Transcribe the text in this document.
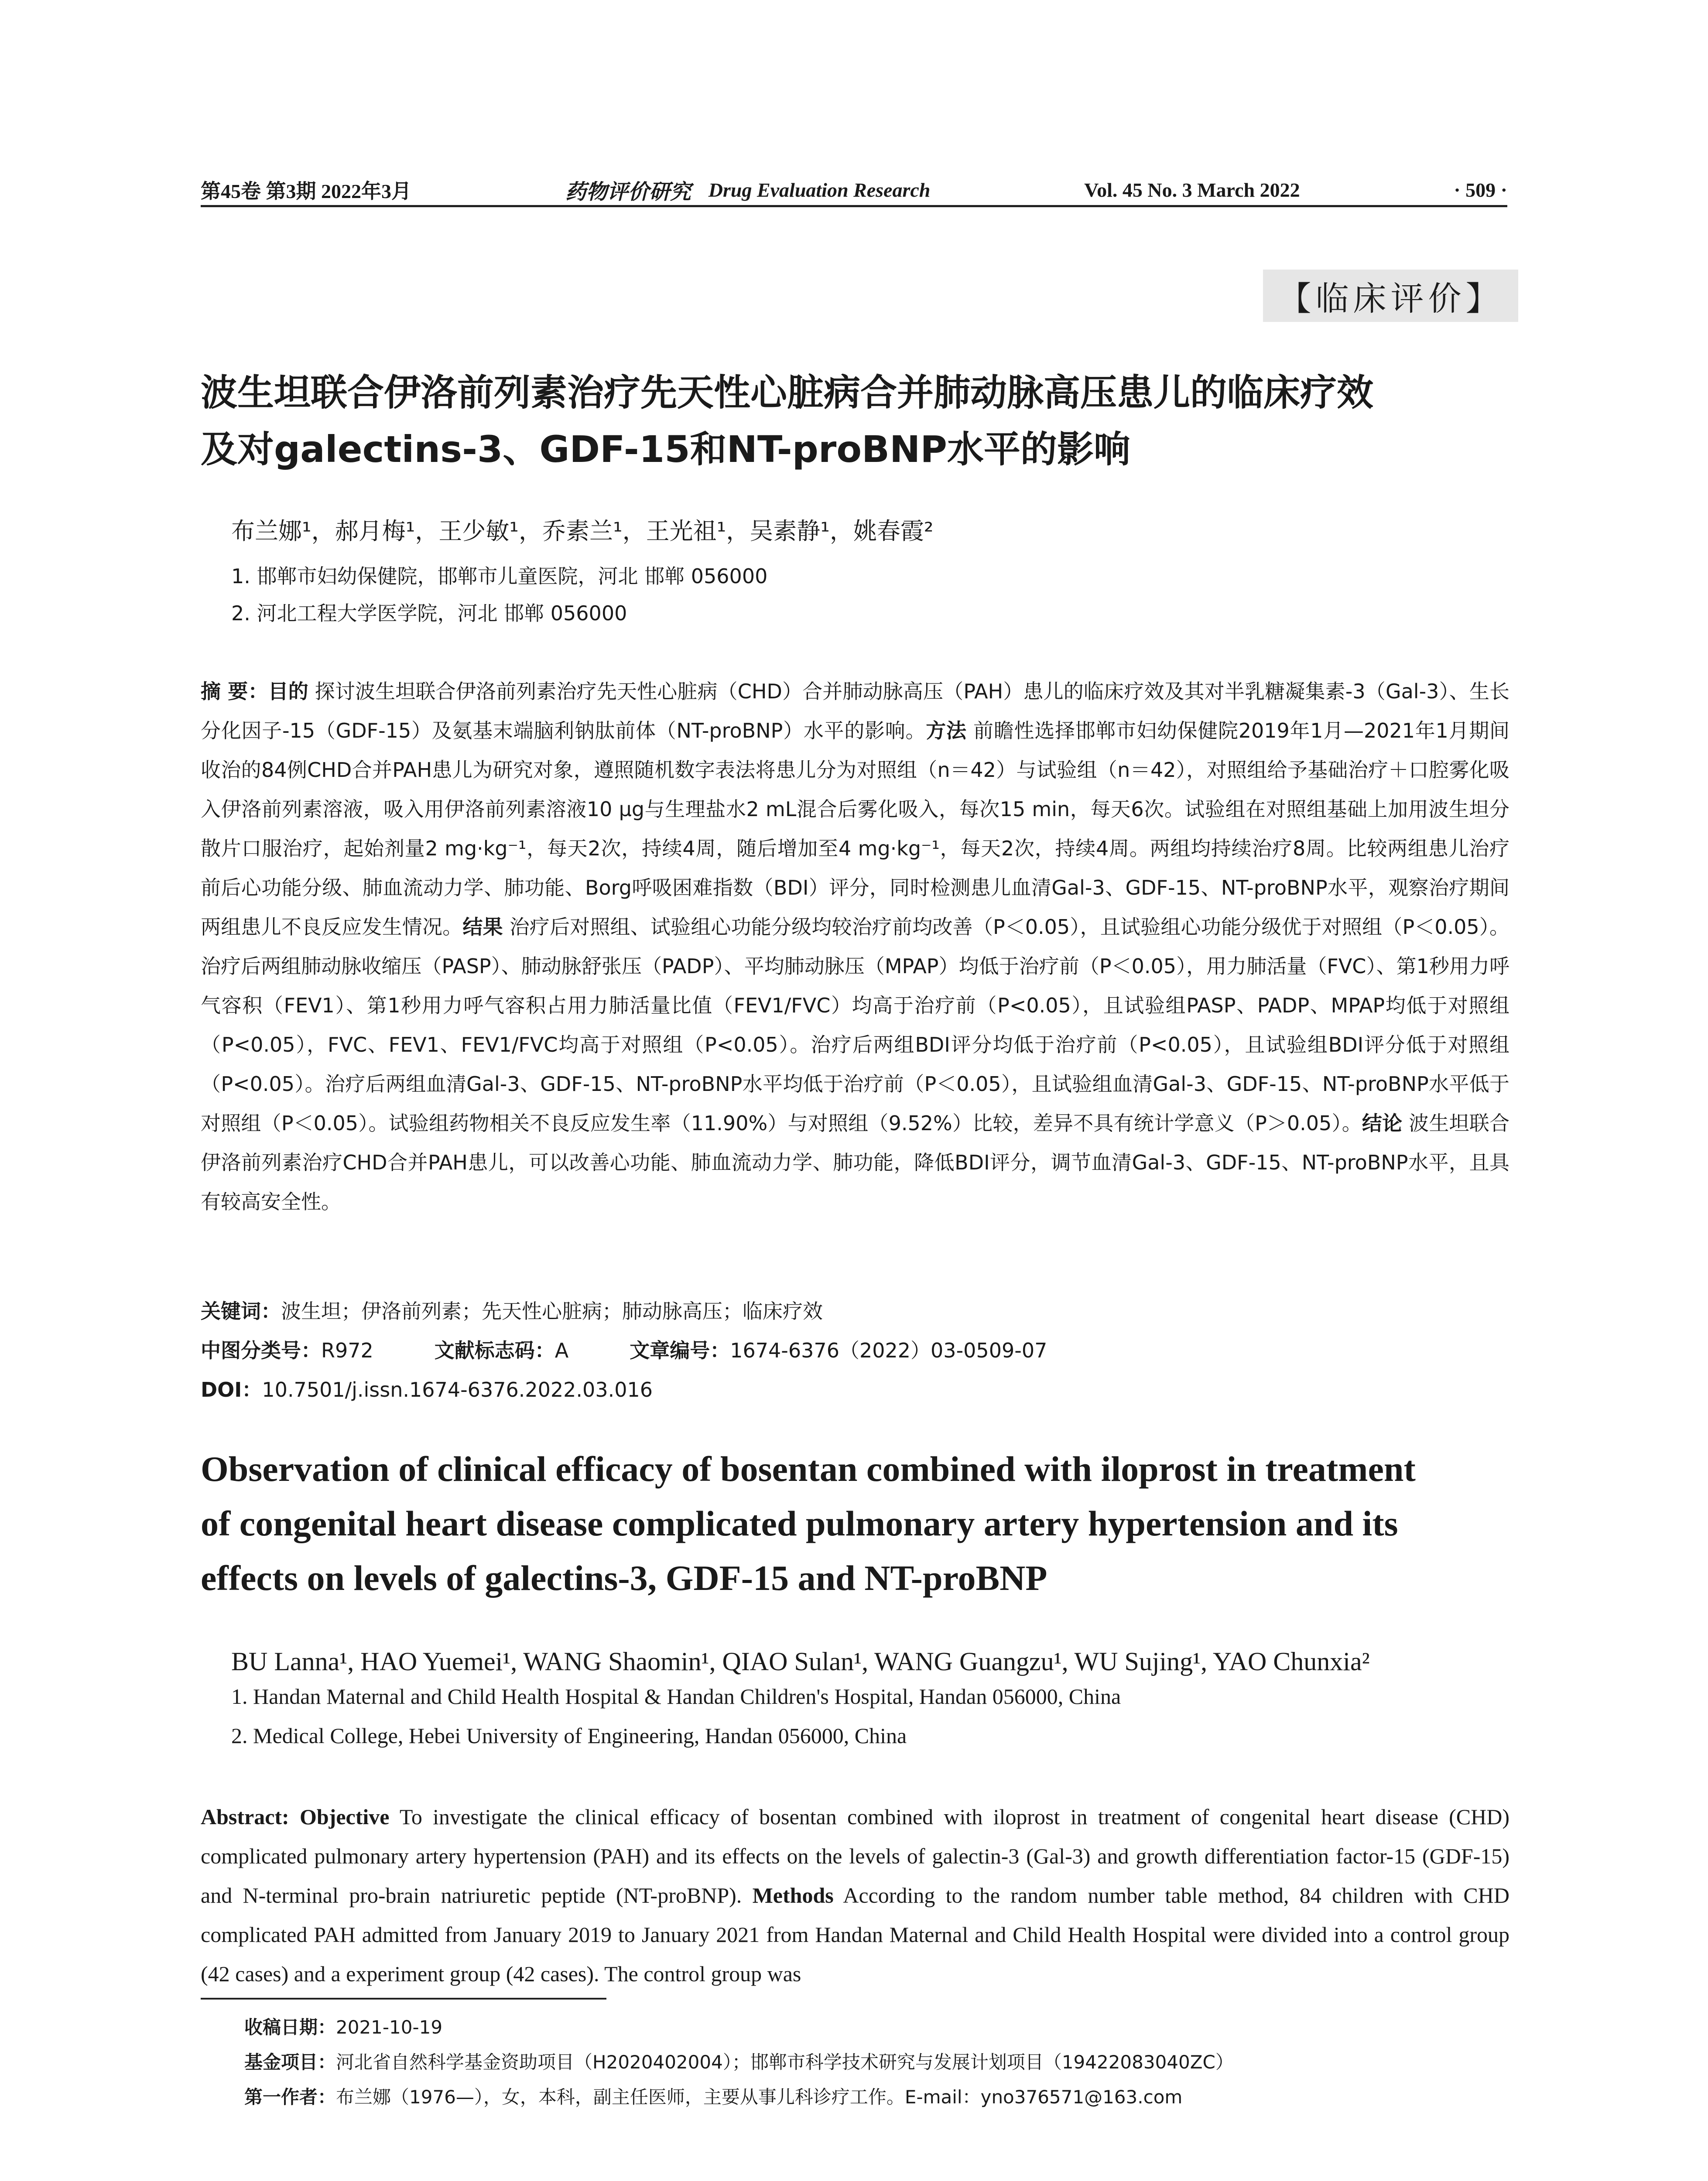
第45卷 第3期 2022年3月	药物评价研究 Drug Evaluation Research	Vol. 45 No. 3 March 2022	· 509 ·
【临床评价】
波生坦联合伊洛前列素治疗先天性心脏病合并肺动脉高压患儿的临床疗效
及对galectins-3、GDF-15和NT-proBNP水平的影响
布兰娜¹，郝月梅¹，王少敏¹，乔素兰¹，王光祖¹，吴素静¹，姚春霞²
1. 邯郸市妇幼保健院，邯郸市儿童医院，河北 邯郸 056000
2. 河北工程大学医学院，河北 邯郸 056000
摘 要：目的 探讨波生坦联合伊洛前列素治疗先天性心脏病（CHD）合并肺动脉高压（PAH）患儿的临床疗效及其对半乳糖凝集素-3（Gal-3）、生长分化因子-15（GDF-15）及氨基末端脑利钠肽前体（NT-proBNP）水平的影响。方法 前瞻性选择邯郸市妇幼保健院2019年1月—2021年1月期间收治的84例CHD合并PAH患儿为研究对象，遵照随机数字表法将患儿分为对照组（n＝42）与试验组（n＝42），对照组给予基础治疗＋口腔雾化吸入伊洛前列素溶液，吸入用伊洛前列素溶液10 μg与生理盐水2 mL混合后雾化吸入，每次15 min，每天6次。试验组在对照组基础上加用波生坦分散片口服治疗，起始剂量2 mg·kg⁻¹，每天2次，持续4周，随后增加至4 mg·kg⁻¹，每天2次，持续4周。两组均持续治疗8周。比较两组患儿治疗前后心功能分级、肺血流动力学、肺功能、Borg呼吸困难指数（BDI）评分，同时检测患儿血清Gal-3、GDF-15、NT-proBNP水平，观察治疗期间两组患儿不良反应发生情况。结果 治疗后对照组、试验组心功能分级均较治疗前均改善（P＜0.05），且试验组心功能分级优于对照组（P＜0.05）。治疗后两组肺动脉收缩压（PASP）、肺动脉舒张压（PADP）、平均肺动脉压（MPAP）均低于治疗前（P＜0.05），用力肺活量（FVC）、第1秒用力呼气容积（FEV1）、第1秒用力呼气容积占用力肺活量比值（FEV1/FVC）均高于治疗前（P<0.05），且试验组PASP、PADP、MPAP均低于对照组（P<0.05），FVC、FEV1、FEV1/FVC均高于对照组（P<0.05）。治疗后两组BDI评分均低于治疗前（P<0.05），且试验组BDI评分低于对照组（P<0.05）。治疗后两组血清Gal-3、GDF-15、NT-proBNP水平均低于治疗前（P＜0.05），且试验组血清Gal-3、GDF-15、NT-proBNP水平低于对照组（P＜0.05）。试验组药物相关不良反应发生率（11.90%）与对照组（9.52%）比较，差异不具有统计学意义（P＞0.05）。结论 波生坦联合伊洛前列素治疗CHD合并PAH患儿，可以改善心功能、肺血流动力学、肺功能，降低BDI评分，调节血清Gal-3、GDF-15、NT-proBNP水平，且具有较高安全性。
关键词：波生坦；伊洛前列素；先天性心脏病；肺动脉高压；临床疗效
中图分类号：R972	文献标志码：A	文章编号：1674-6376（2022）03-0509-07
DOI：10.7501/j.issn.1674-6376.2022.03.016
Observation of clinical efficacy of bosentan combined with iloprost in treatment
of congenital heart disease complicated pulmonary artery hypertension and its
effects on levels of galectins-3, GDF-15 and NT-proBNP
BU Lanna¹, HAO Yuemei¹, WANG Shaomin¹, QIAO Sulan¹, WANG Guangzu¹, WU Sujing¹, YAO Chunxia²
1. Handan Maternal and Child Health Hospital & Handan Children's Hospital, Handan 056000, China
2. Medical College, Hebei University of Engineering, Handan 056000, China
Abstract: Objective To investigate the clinical efficacy of bosentan combined with iloprost in treatment of congenital heart disease (CHD) complicated pulmonary artery hypertension (PAH) and its effects on the levels of galectin-3 (Gal-3) and growth differentiation factor-15 (GDF-15) and N-terminal pro-brain natriuretic peptide (NT-proBNP). Methods According to the random number table method, 84 children with CHD complicated PAH admitted from January 2019 to January 2021 from Handan Maternal and Child Health Hospital were divided into a control group (42 cases) and a experiment group (42 cases). The control group was
收稿日期：2021-10-19
基金项目：河北省自然科学基金资助项目（H2020402004）；邯郸市科学技术研究与发展计划项目（19422083040ZC）
第一作者：布兰娜（1976—），女，本科，副主任医师，主要从事儿科诊疗工作。E-mail：yno376571@163.com
